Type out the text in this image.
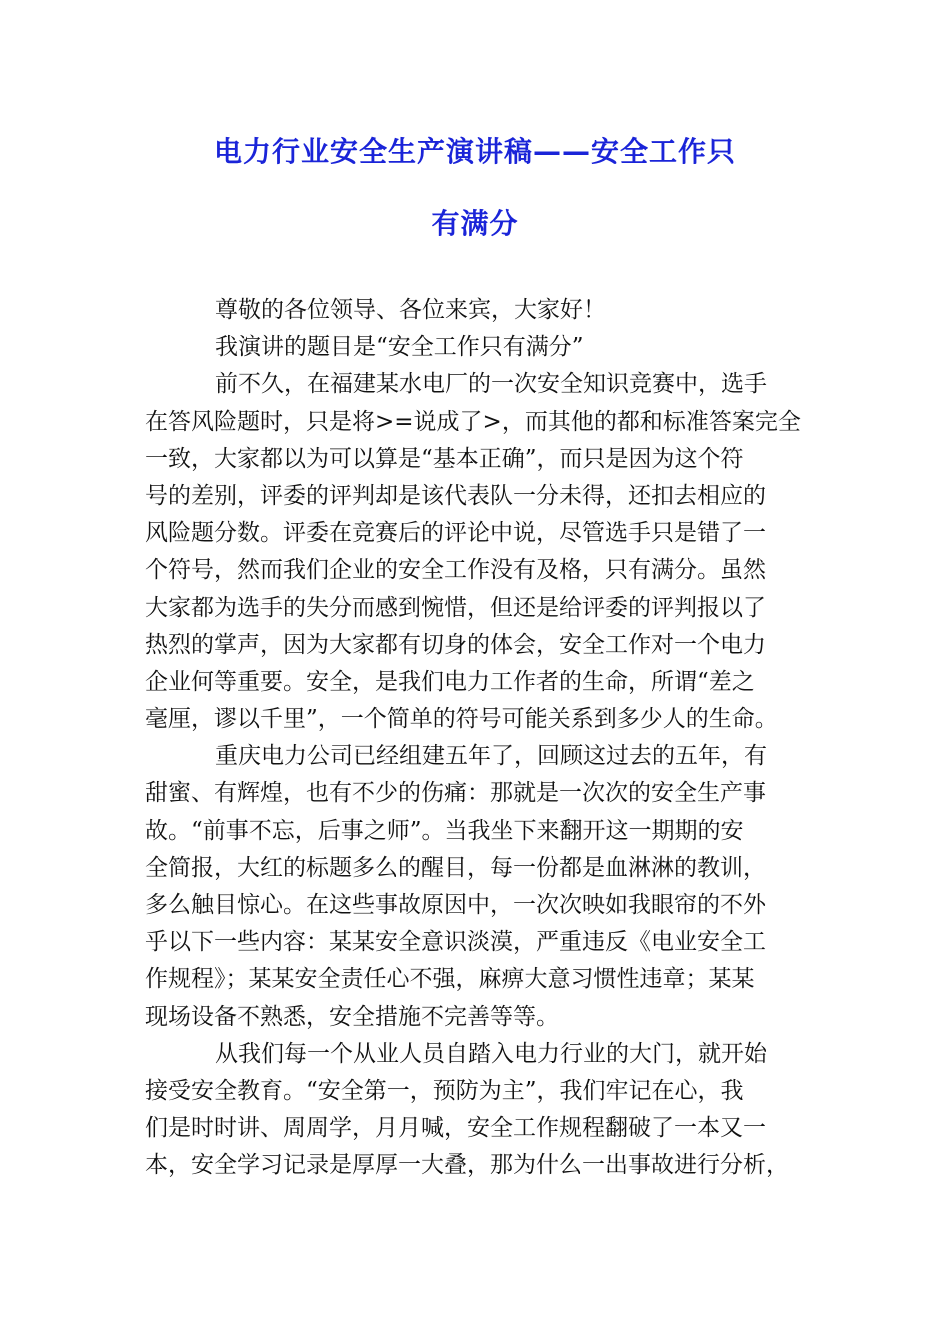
电力行业安全生产演讲稿——安全工作只
有满分
尊敬的各位领导、各位来宾，大家好！
我演讲的题目是“安全工作只有满分”
前不久，在福建某水电厂的一次安全知识竞赛中，选手
在答风险题时，只是将>=说成了>，而其他的都和标准答案完全
一致，大家都以为可以算是“基本正确”，而只是因为这个符
号的差别，评委的评判却是该代表队一分未得，还扣去相应的
风险题分数。评委在竞赛后的评论中说，尽管选手只是错了一
个符号，然而我们企业的安全工作没有及格，只有满分。虽然
大家都为选手的失分而感到惋惜，但还是给评委的评判报以了
热烈的掌声，因为大家都有切身的体会，安全工作对一个电力
企业何等重要。安全，是我们电力工作者的生命，所谓“差之
毫厘，谬以千里”，一个简单的符号可能关系到多少人的生命。
重庆电力公司已经组建五年了，回顾这过去的五年，有
甜蜜、有辉煌，也有不少的伤痛：那就是一次次的安全生产事
故。“前事不忘，后事之师”。当我坐下来翻开这一期期的安
全简报，大红的标题多么的醒目，每一份都是血淋淋的教训，
多么触目惊心。在这些事故原因中，一次次映如我眼帘的不外
乎以下一些内容：某某安全意识淡漠，严重违反《电业安全工
作规程》；某某安全责任心不强，麻痹大意习惯性违章；某某
现场设备不熟悉，安全措施不完善等等。
从我们每一个从业人员自踏入电力行业的大门，就开始
接受安全教育。“安全第一，预防为主”，我们牢记在心，我
们是时时讲、周周学，月月喊，安全工作规程翻破了一本又一
本，安全学习记录是厚厚一大叠，那为什么一出事故进行分析，
